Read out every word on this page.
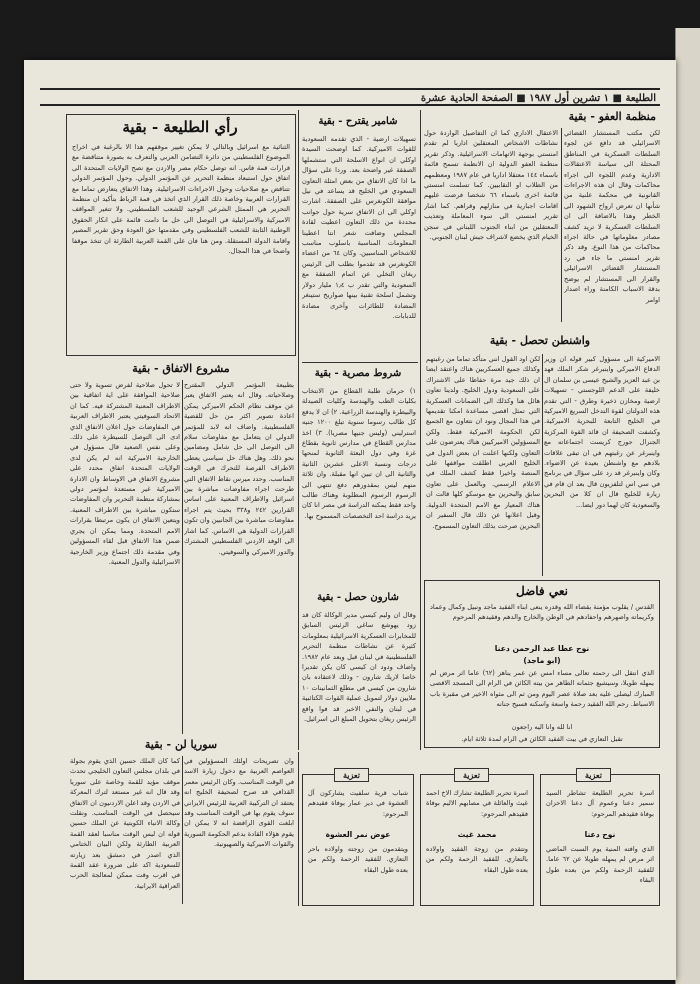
الطليعة ■ ١ تشرين أول ١٩٨٧ ■ الصفحة الحادية عشرة
منظمة العفو - بقية
لكن مكتب المستشار القضائي الاسرائيلي قد دافع عن لجوء السلطات العسكرية في المناطق المحتلة الى سياسة الاعتقالات الادارية وعدم اللجوء الى اجراء محاكمات وقال ان هذه الاجراءات القانونية في محكمة علنية من شأنها ان تعرض ارواح الشهود الى الخطر وهذا بالاضافة الى ان السلطات العسكرية لا تريد كشف مصادر معلوماتها في حالة اجراء محاكمات من هذا النوع. وقد ذكر تقرير امنستي ما جاء في رد المستشار القضائي الاسرائيلي والقرار الى المستشار لم يوضح بدقة الاسباب الكامنة وراء اصدار اوامر
الاعتقال الاداري كما ان التفاصيل الواردة حول نشاطات الاشخاص المعتقلين اداريا لم تقدم امنستي بوجهة الاتهامات الاسرائيلية. وذكر تقرير منظمة العفو الدولية ان الانظمة تسمح قائمة باسماء ١٤٤ معتقلا اداريا في عام ١٩٨٧ ومعظمهم من الطلاب او النقابيين. كما تسلمت امنستي قائمة اخرى باسماء ٦٦ شخصا فرضت عليهم اقامات اجبارية في منازلهم وقراهم. كما اشار تقرير امنستي الى سوء المعاملة وتعذيب المعتقلين من ابناء الجنوب اللبناني في سجن الخيام الذي يخضع لاشراف جيش لبنان الجنوبي.
شامير يقترح - بقية
تسهيلات ارضية - الذي تقدمه السعودية للقوات الاميركية. كما اوضحت السيدة اوكلي ان انواع الاسلحة التي ستشملها الصفقة غير واضحة بعد. وردا على سؤال ما اذا كان الاتفاق من بعض امثلة التعاون السعودي في الخليج قد يساعد في نيل موافقة الكونغرس على الصفقة. اشارت اوكلي الى ان الاتفاق سرية حول جوانب محددة من ذلك التعاون اعطيت لقادة المجلس وضافت شعر انتا اعطينا المعلومات المناسبة باسلوب مناسب للاشخاص المناسبين. وكان ٦٤ من اعضاء الكونغرس قد تقدموا بطلب الى الرئيس ريغان التخلي عن اتمام الصفقة مع السعودية والتي تقدر ب ١٫٤ مليار دولار وتشمل اسلحة تقنية بينها صواريخ ستينغر المضادة للطائرات وآخرى مضادة للدبابات.
رأي الطليعة - بقية
الثنائية مع اسرائيل وبالتالي لا يمكن تغيير موقفهم هذا الا بالرغبة في اخراج الموضوع الفلسطيني من دائرة التضامن العربي والتعرف به بصورة متناقضة مع قرارات قمة فاس. انه توصل حكام مصر والاردن مع نصح الولايات المتحدة الى اتفاق حول استبعاد منظمة التحرير عن المؤتمر الدولي. وحول المؤتمر الدولي تتناقض مع صلاحيات وحول الاجراءات الاسرائيلية. وهذا الاتفاق يتعارض تماما مع القرارات العربية وخاصة ذلك القرار الذي اتخذ في قمة الرباط بتأكيد ان منظمة التحرير هي الممثل الشرعي الوحيد للشعب الفلسطيني. ولا تتغير المواقف الاميركية والاسرائيلية في التوصل الى حل ما دامت قائمة على انكار الحقوق الوطنية الثابتة للشعب الفلسطيني وفي مقدمتها حق العودة وحق تقرير المصير واقامة الدولة المستقلة. ومن هنا فان على القمة العربية الطارئة ان تتخذ موقفا واضحا في هذا المجال.
واشنطن تحصل - بقية
الاميركية الى مسؤول كبير قوله ان وزير الدفاع الاميركي واينبرغر شكر الملك فهد بن عبد العزيز والشيخ عيسى بن سلمان ال خليفة على الدعم اللوجستي - تسهيلات ارضية ومخازن ذخيرة وطرق - التي تقدم هذه الدولتان لقوة التدخل السريع الاميركية في الخليج التابعة للبحرية الاميركية. وكشفت الصحيفة ان قائد القوة المركزية الجنرال جورج كريست اجتماعاته مع واينبرغر عن رغبتهم في ان تبقى علاقات بلادهم مع واشنطن بعيدة عن الاضواء. وكان واينبرغر قد رد على سؤال في برنامج في سي اس لتلفزيون قال بعد ان قام في زيارة للخليج قال ان كلا من البحرين والسعودية كان لهما دور ايضا...
لكن اود القول انني متأكد تماما من رغبتهم وكذلك جميع العسكريين هناك واعتقد ايضا ان ذلك جيد مرة حفاظا على الاشتراك على السعودية ودول الخليج. ولدينا تعاون هائل هنا وكذلك الى الضمانات العسكرية التي تمثل اقصى مساعدة امكنا تقديمها في هذا المجال ونود ان نتعاون مع الجميع لكن الحكومة الاميركية فقط. ولكن المسؤولين الاميركيين هناك يعترضون على التعاون ولكنها اعلنت ان بعض الدول في الخليج العربي اطلقت مواقفها على المنصة واخيرا فقط كشف الملك في الاعلام الرسمي. وبالعمل على تعاون سابق والبحرين مع موسكو كلها قالت ان هناك المعيار مع الامم المتحدة الدولية. وقبل اعلانها عن ذلك قال السفير ان البحرين صرحت بذلك التعاون المسموح.
شروط مصرية - بقية
١) حرمان طلبة القطاع من الانتخاب بكليات الطب والهندسة وكليات الصيدلة والبيطرة والهندسة الزراعية. ٢) ان لا يدفع كل طالب رسوما سنوية تبلغ ١٢٠٠ جنيه استرليني (وليس جنيها مصريا). ٣) اخذ مدارس القطاع في مدارس ثانوية بقطاع غزة وفي دول البعثة الثانوية لمنحها درجات ونسبة الاعلى عشرين الثانية والثانية الى ان تبين انها مقبلة. وان ثلاثة منهم ليس بمقدورهم دفع تنتهي الى الرسوم الرسوم المطلوبة وهناك طالب واحد فقط يمكنه الدراسة في مصر انا كان يريد دراسة احد التخصصات المسموح بها.
مشروع الاتفاق - بقية
بطبيعة المؤتمر الدولي المقترح وصلاحياته. وقال انه يعتبر الاتفاق يعبر عن موقف نظام الحكم الاميركي يمكن اعادة تصوير اكثر من حل للقضية الفلسطينية. واضاف انه لابد للمؤتمر الدولي ان يتعامل مع مفاوضات سلام الى التوصل الى حل شامل ومضامين نحو ذلك. وهل هناك حل سياسي يعطي الاطراف الفرصة للتحرك في الوقت المناسب. وحدد ميرس نقاط الاتفاق التي طرحت اجراء مفاوضات مباشرة بين اسرائيل والاطراف المعنية على اساس القرارين ٢٤٢ و٣٣٨ بحيث يتم اجراء مفاوضات مباشرة بين الجانبين وان تكون القرارات الدولية هي الاساس. كما اشار الى الوفد الاردني الفلسطيني المشترك والدور الاميركي والسوفيتي.
لا تحول صلاحية لفرض تسوية ولا حتى صلاحية الموافقة على اية اتفاقية بين الاطراف المعنية المشتركة فيه. كما ان الاتحاد السوفيتي يعتبر الاطراف العربية في المفاوضات حول اعلان الاتفاق الذي ادى الى التوصل للسيطرة على ذلك. وعلى نفس الصعيد قال مسؤول في الخارجية الاميركية انه لم يكن لدى الولايات المتحدة اتفاق محدد على مشروع الاتفاق في الاوساط وان الادارة الاميركية غير مستعدة لمؤتمر دولي بمشاركة منظمة التحرير وان المفاوضات ستكون مباشرة بين الاطراف المعنية. ويتعين الاتفاق ان يكون مرتبطا بقرارات الامم المتحدة. ومما يمكن ان يجري ضمن هذا الاتفاق قبل لقاء المسؤولين وفي مقدمة ذلك اجتماع وزير الخارجية الاسرائيلية والدول المعنية.
نعي فاضل
القدس / يقلوب مؤمنة بقضاء الله وقدره ينعى ابناء الفقيد ماجد ونبيل وكمال وعماد وكريماته واصهرهم واحفادهم في الوطن والخارج والدهم وفقيدهم المرحوم
نوح عطا عبد الرحمن دعنا
(ابو ماجد)
الذي انتقل الى رحمته تعالى مساء امس عن عمر يناهز (٦٢) عاما اثر مرض لم يمهله طويلا، وسيشيع جثمانه الطاهر من بيته الكائن في الرام الى المسجد الاقصى المبارك ليصلى عليه بعد صلاة عصر اليوم ومن ثم الى مثواه الاخير في مقبرة باب الاسباط. رحم الله الفقيد رحمة واسعة واسكنه فسيح جنانه
انا لله وانا اليه راجعون
تقبل التعازي في بيت الفقيد الكائن في الرام لمدة ثلاثة ايام.
شارون حصل - بقية
وقال ان وليم كيسي مدير الوكالة كان قد زود يهوشع ساغي الرئيس السابق للمخابرات العسكرية الاسرائيلية بمعلومات كثيرة عن نشاطات منظمة التحرير الفلسطينية في لبنان قبل وبعد عام ١٩٨٢. واضاف ودود ان كيسي كان يكن تقديرا خاصا لاريك شارون - وذلك لاعتقاده بان شارون من كيسي في مطلع الثمانينات ١٠ ملايين دولار لتمويل عملية القوات الكتائبية في لبنان والنفي الاخبر قد فوا واقع الرئيس ريغان بتحويل المبلغ الى اسرائيل.
سوريا لن - بقية
وان تصريحات اولئك المسؤولين في العواصم العربية مع دخول زيارة الاسد في الوقت المناسب. وكان الرئيس معمر القذافي قد صرح لصحيفة الخليج انه يعتقد ان التركيبة العربية للرئيس الايراني سوف يقوم بها في الوقت المناسب وقد ابلغت القوى الرافضة انه لا يمكن ان يقوم هؤلاء القادة بدعم الحكومة السورية والقوات الاميركية والصهيونية.
كما كان الملك حسين الذي يقوم بجولة في بلدان مجلس التعاون الخليجي تحدث موقف مؤيد للقمة وخاصة على سوريا وقد قال انه غير مستعد لترك المعركة في الاردن وقد اعلن الاردنيون ان الاتفاق سيحصل في الوقت المناسب. ونقلت وكالة الانباء الكويتية عن الملك حسين قوله ان ليس الوقت مناسبا لعقد القمة العربية الطارئة ولكن البيان الختامي الذي اصدر في دمشق بعد زيارته للسعودية اكد على ضرورة عقد القمة في اقرب وقت ممكن لمعالجة الحرب العراقية الايرانية.
تعزية
اسرة تحرير الطليعة تشاطر السيد سمير دعنا وعموم آل دعنا الاحزان بوفاة فقيدهم المرحوم:
نوح دعنا
الذي وافته المنية يوم السبت الماضي اثر مرض لم يمهله طويلا عن ٦٢ عاما. للفقيد الرحمة ولكم من بعده طول البقاء
تعزية
اسرة تحرير الطليعة تشارك الاخ احمد غيث والعائلة في مصابهم الاليم بوفاة فقيدهم المرحوم:
محمد غيث
وتتقدم من زوجة الفقيد واولاده بالتعازي. للفقيد الرحمة ولكم من بعده طول البقاء
تعزية
شباب قرية سلفيت يشاركون آل العشوة في دير عمار بوفاة فقيدهم المرحوم:
عوض نمر العشوة
ويتقدمون من زوجته واولاده باحر التعازي. للفقيد الرحمة ولكم من بعده طول البقاء
